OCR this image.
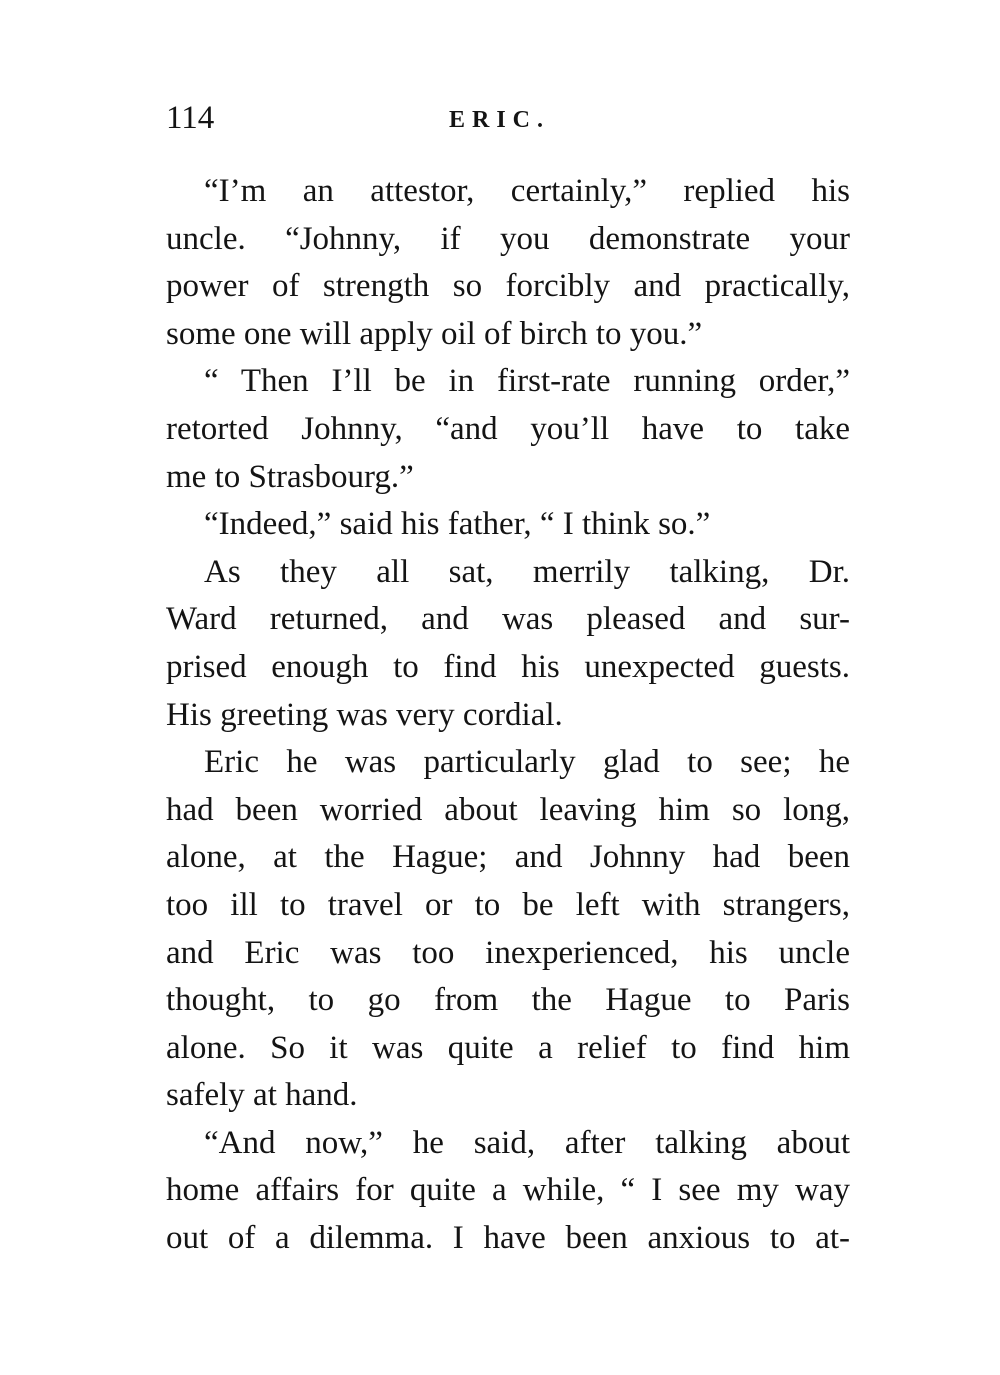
114	ERIC.
“I’m an attestor, certainly,” replied his
uncle. “Johnny, if you demonstrate your
power of strength so forcibly and practically,
some one will apply oil of birch to you.”
“ Then I’ll be in first-rate running order,”
retorted Johnny, “and you’ll have to take
me to Strasbourg.”
“Indeed,” said his father, “ I think so.”
As they all sat, merrily talking, Dr.
Ward returned, and was pleased and sur-
prised enough to find his unexpected guests.
His greeting was very cordial.
Eric he was particularly glad to see; he
had been worried about leaving him so long,
alone, at the Hague; and Johnny had been
too ill to travel or to be left with strangers,
and Eric was too inexperienced, his uncle
thought, to go from the Hague to Paris
alone. So it was quite a relief to find him
safely at hand.
“And now,” he said, after talking about
home affairs for quite a while, “ I see my way
out of a dilemma. I have been anxious to at-
